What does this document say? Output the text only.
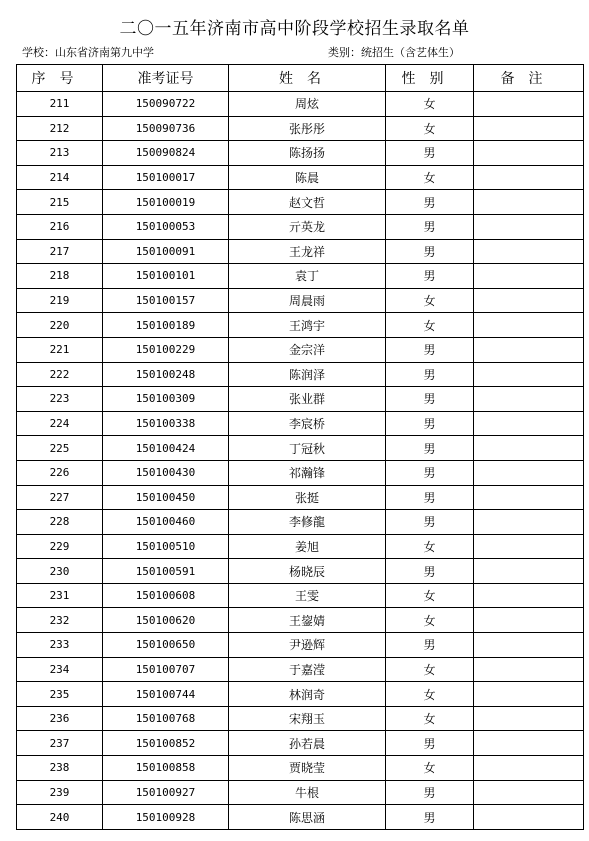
二〇一五年济南市高中阶段学校招生录取名单
学校：山东省济南第九中学	类别：统招生（含艺体生）
序号	准考证号	姓名	性别	备注
211	150090722	周炫	女	
212	150090736	张彤彤	女	
213	150090824	陈扬扬	男	
214	150100017	陈晨	女	
215	150100019	赵文哲	男	
216	150100053	亓英龙	男	
217	150100091	王龙祥	男	
218	150100101	袁丁	男	
219	150100157	周晨雨	女	
220	150100189	王鸿宇	女	
221	150100229	金宗洋	男	
222	150100248	陈润泽	男	
223	150100309	张业群	男	
224	150100338	李宸桥	男	
225	150100424	丁冠秋	男	
226	150100430	祁瀚锋	男	
227	150100450	张挺	男	
228	150100460	李修龍	男	
229	150100510	姜旭	女	
230	150100591	杨晓辰	男	
231	150100608	王雯	女	
232	150100620	王鋆婧	女	
233	150100650	尹逊辉	男	
234	150100707	于嘉滢	女	
235	150100744	林润奇	女	
236	150100768	宋翔玉	女	
237	150100852	孙若晨	男	
238	150100858	贾晓莹	女	
239	150100927	牛根	男	
240	150100928	陈思涵	男	
